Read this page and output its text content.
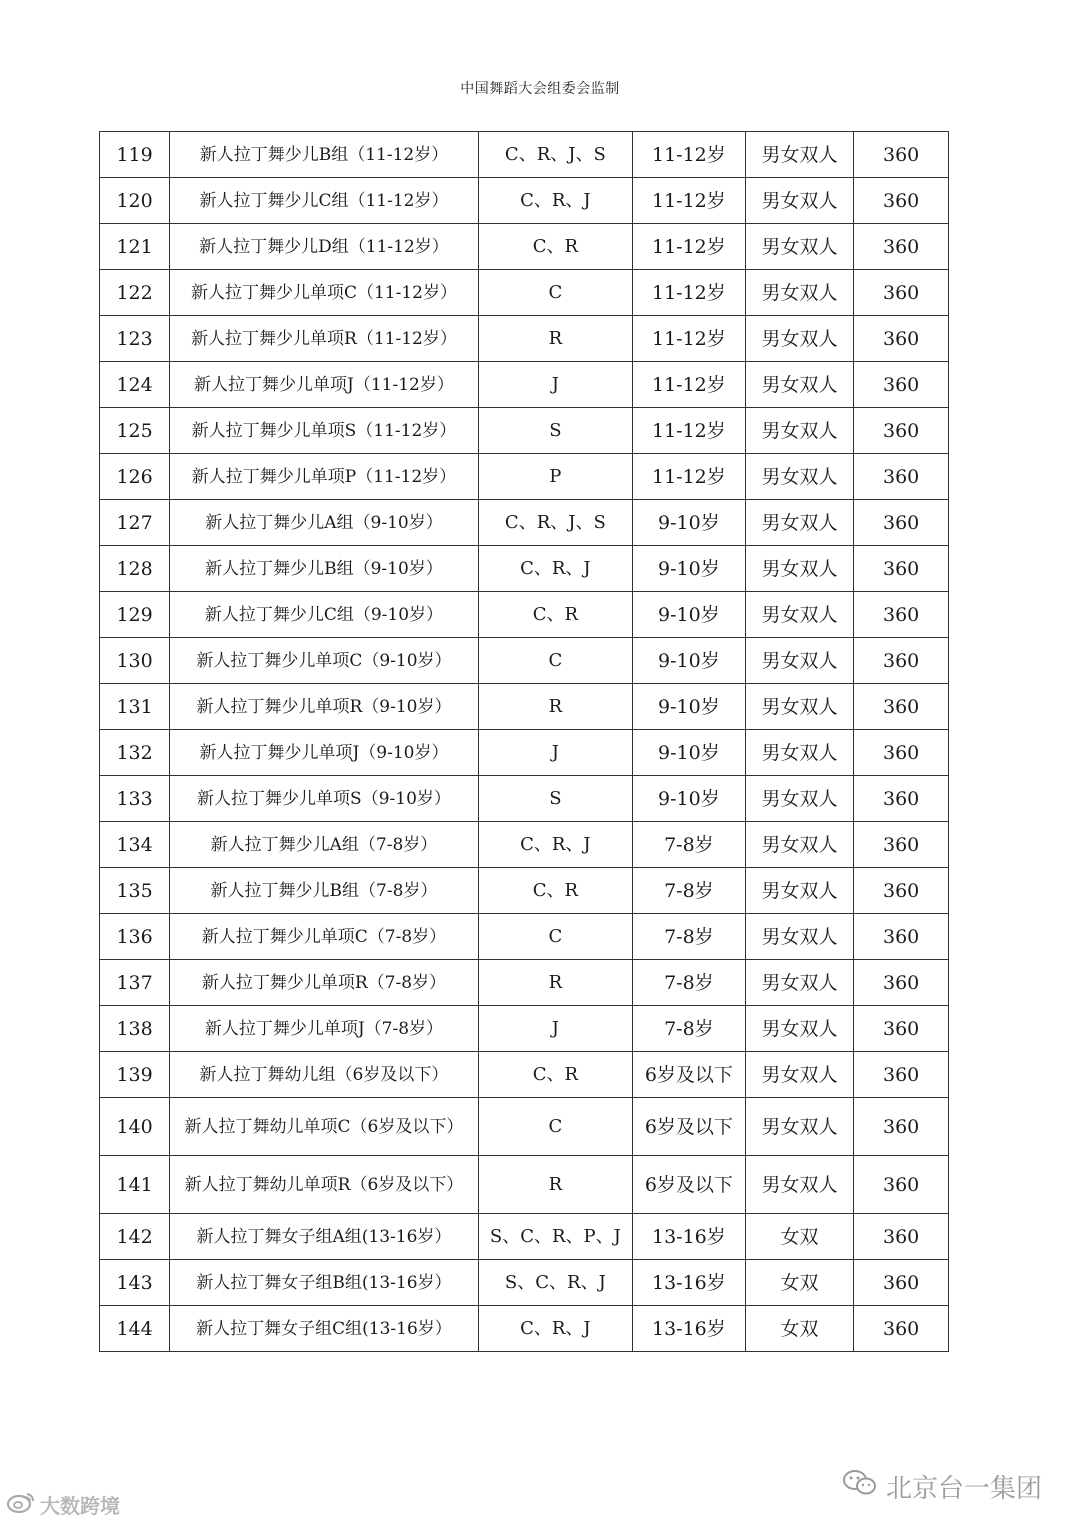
中国舞蹈大会组委会监制
119	新人拉丁舞少儿B组（11-12岁）	C、R、J、S	11-12岁	男女双人	360
120	新人拉丁舞少儿C组（11-12岁）	C、R、J	11-12岁	男女双人	360
121	新人拉丁舞少儿D组（11-12岁）	C、R	11-12岁	男女双人	360
122	新人拉丁舞少儿单项C（11-12岁）	C	11-12岁	男女双人	360
123	新人拉丁舞少儿单项R（11-12岁）	R	11-12岁	男女双人	360
124	新人拉丁舞少儿单项J（11-12岁）	J	11-12岁	男女双人	360
125	新人拉丁舞少儿单项S（11-12岁）	S	11-12岁	男女双人	360
126	新人拉丁舞少儿单项P（11-12岁）	P	11-12岁	男女双人	360
127	新人拉丁舞少儿A组（9-10岁）	C、R、J、S	9-10岁	男女双人	360
128	新人拉丁舞少儿B组（9-10岁）	C、R、J	9-10岁	男女双人	360
129	新人拉丁舞少儿C组（9-10岁）	C、R	9-10岁	男女双人	360
130	新人拉丁舞少儿单项C（9-10岁）	C	9-10岁	男女双人	360
131	新人拉丁舞少儿单项R（9-10岁）	R	9-10岁	男女双人	360
132	新人拉丁舞少儿单项J（9-10岁）	J	9-10岁	男女双人	360
133	新人拉丁舞少儿单项S（9-10岁）	S	9-10岁	男女双人	360
134	新人拉丁舞少儿A组（7-8岁）	C、R、J	7-8岁	男女双人	360
135	新人拉丁舞少儿B组（7-8岁）	C、R	7-8岁	男女双人	360
136	新人拉丁舞少儿单项C（7-8岁）	C	7-8岁	男女双人	360
137	新人拉丁舞少儿单项R（7-8岁）	R	7-8岁	男女双人	360
138	新人拉丁舞少儿单项J（7-8岁）	J	7-8岁	男女双人	360
139	新人拉丁舞幼儿组（6岁及以下）	C、R	6岁及以下	男女双人	360
140	新人拉丁舞幼儿单项C（6岁及以下）	C	6岁及以下	男女双人	360
141	新人拉丁舞幼儿单项R（6岁及以下）	R	6岁及以下	男女双人	360
142	新人拉丁舞女子组A组(13-16岁）	S、C、R、P、J	13-16岁	女双	360
143	新人拉丁舞女子组B组(13-16岁）	S、C、R、J	13-16岁	女双	360
144	新人拉丁舞女子组C组(13-16岁）	C、R、J	13-16岁	女双	360
大数跨境
北京台一集团
